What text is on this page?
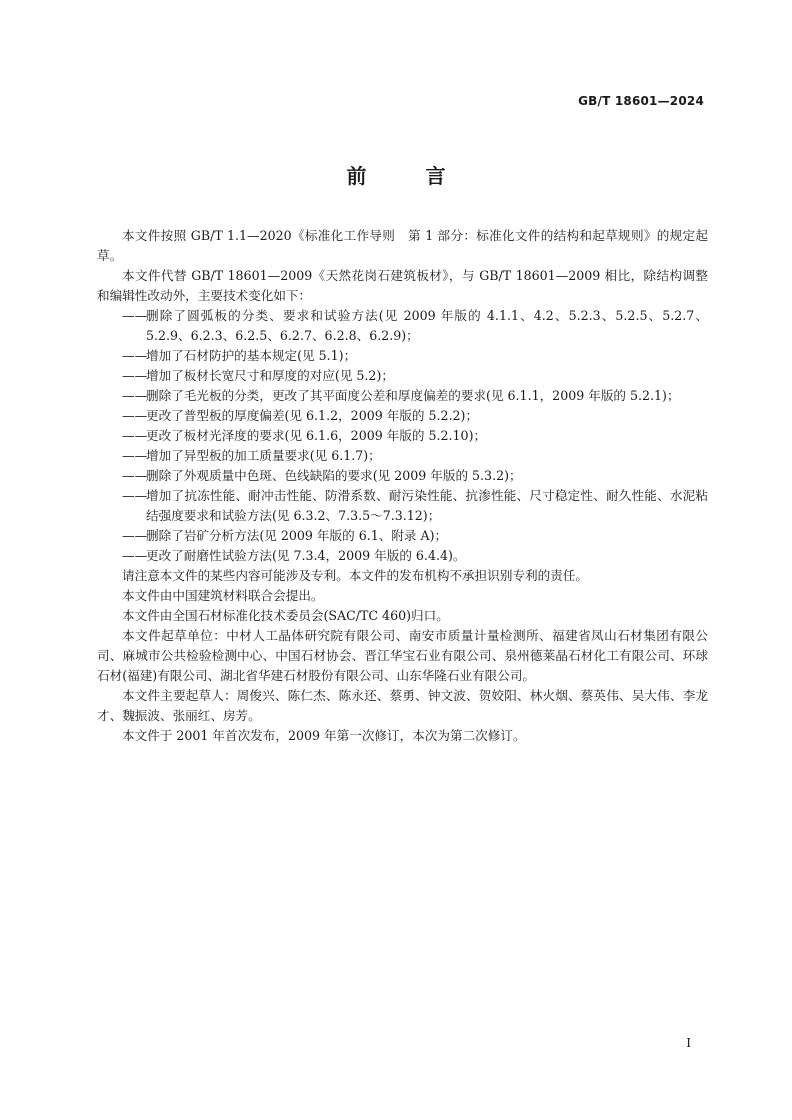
GB/T 18601—2024
前 言

本文件按照 GB/T 1.1—2020《标准化工作导则　第 1 部分：标准化文件的结构和起草规则》的规定起草。

本文件代替 GB/T 18601—2009《天然花岗石建筑板材》，与 GB/T 18601—2009 相比，除结构调整和编辑性改动外，主要技术变化如下：

——
删除了圆弧板的分类、要求和试验方法(见 2009 年版的 4.1.1、4.2、5.2.3、5.2.5、5.2.7、5.2.9、6.2.3、6.2.5、6.2.7、6.2.8、6.2.9)；
——
增加了石材防护的基本规定(见 5.1)；
——
增加了板材长宽尺寸和厚度的对应(见 5.2)；
——
删除了毛光板的分类，更改了其平面度公差和厚度偏差的要求(见 6.1.1，2009 年版的 5.2.1)；
——
更改了普型板的厚度偏差(见 6.1.2，2009 年版的 5.2.2)；
——
更改了板材光泽度的要求(见 6.1.6，2009 年版的 5.2.10)；
——
增加了异型板的加工质量要求(见 6.1.7)；
——
删除了外观质量中色斑、色线缺陷的要求(见 2009 年版的 5.3.2)；
——
增加了抗冻性能、耐冲击性能、防滑系数、耐污染性能、抗渗性能、尺寸稳定性、耐久性能、水泥粘结强度要求和试验方法(见 6.3.2、7.3.5～7.3.12)；
——
删除了岩矿分析方法(见 2009 年版的 6.1、附录 A)；
——
更改了耐磨性试验方法(见 7.3.4，2009 年版的 6.4.4)。

请注意本文件的某些内容可能涉及专利。本文件的发布机构不承担识别专利的责任。

本文件由中国建筑材料联合会提出。

本文件由全国石材标准化技术委员会(SAC/TC 460)归口。

本文件起草单位：中材人工晶体研究院有限公司、南安市质量计量检测所、福建省凤山石材集团有限公司、麻城市公共检验检测中心、中国石材协会、晋江华宝石业有限公司、泉州德莱晶石材化工有限公司、环球石材(福建)有限公司、湖北省华建石材股份有限公司、山东华隆石业有限公司。

本文件主要起草人：周俊兴、陈仁杰、陈永还、蔡勇、钟文波、贺姣阳、林火烟、蔡英伟、吴大伟、李龙才、魏振波、张丽红、房芳。

本文件于 2001 年首次发布，2009 年第一次修订，本次为第二次修订。

I
